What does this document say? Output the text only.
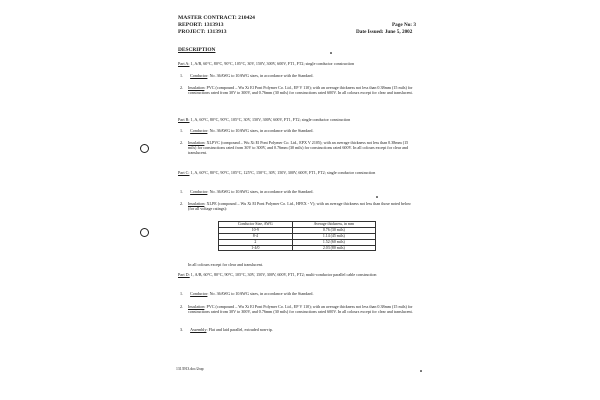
MASTER CONTRACT: 210424
REPORT: 1313913
PROJECT: 1313913
Page No: 3
Date Issued: June 5, 2002
DESCRIPTION
Part A: 1, A/B, 60°C, 80°C, 90°C, 105°C, 30V, 150V, 300V, 600V, FT1, FT2; single conductor construction
1. Conductor: No. 36AWG to 10AWG sizes, in accordance with the Standard.
2. Insulation: PVC (compound – Wu Xi El Pont Polymer Co. Ltd., EP V 110); with an average thickness not less than 0.38mm (15 mils) for constructions rated from 30V to 300V, and 0.76mm (30 mils) for constructions rated 600V. In all colours except for clear and translucent.
Part B: 1, A, 60°C, 80°C, 90°C, 105°C, 30V, 150V, 300V, 600V, FT1, FT2; single conductor construction
1. Conductor: No. 36AWG to 10AWG sizes, in accordance with the Standard.
2. Insulation: XLPVC (compound – Wu Xi El Pont Polymer Co. Ltd., EPX V 2105); with an average thickness not less than 0.38mm (15 mils) for constructions rated from 30V to 300V, and 0.76mm (30 mils) for constructions rated 600V. In all colours except for clear and translucent.
Part C: 1, A, 60°C, 80°C, 90°C, 105°C, 125°C, 150°C, 30V, 150V, 300V, 600V, FT1, FT2; single conductor construction
1. Conductor: No. 36AWG to 10AWG sizes, in accordance with the Standard.
2. Insulation: XLPE (compound – Wu Xi El Pont Polymer Co. Ltd., HFEX - V); with an average thickness not less than those noted below (for all voltage ratings):
Conductor Size, AWG	Average thickness, in mm
10-9	0.76 (30 mils)
8-4	1.14 (45 mils)
2	1.52 (60 mils)
1-4/0	2.03 (80 mils)
In all colours except for clear and translucent.
Part D: 1, A/B, 60°C, 80°C, 90°C, 105°C, 30V, 150V, 300V, 600V, FT1, FT2; multi-conductor parallel cable construction
1. Conductor: No. 36AWG to 10AWG sizes, in accordance with the Standard.
2. Insulation: PVC (compound – Wu Xi El Pont Polymer Co. Ltd., EP V 110); with an average thickness not less than 0.38mm (15 mils) for constructions rated from 30V to 300V, and 0.76mm (30 mils) for constructions rated 600V. In all colours except for clear and translucent.
3. Assembly: Flat and laid parallel, extruded non-rip.
1313913.doc/2rap
